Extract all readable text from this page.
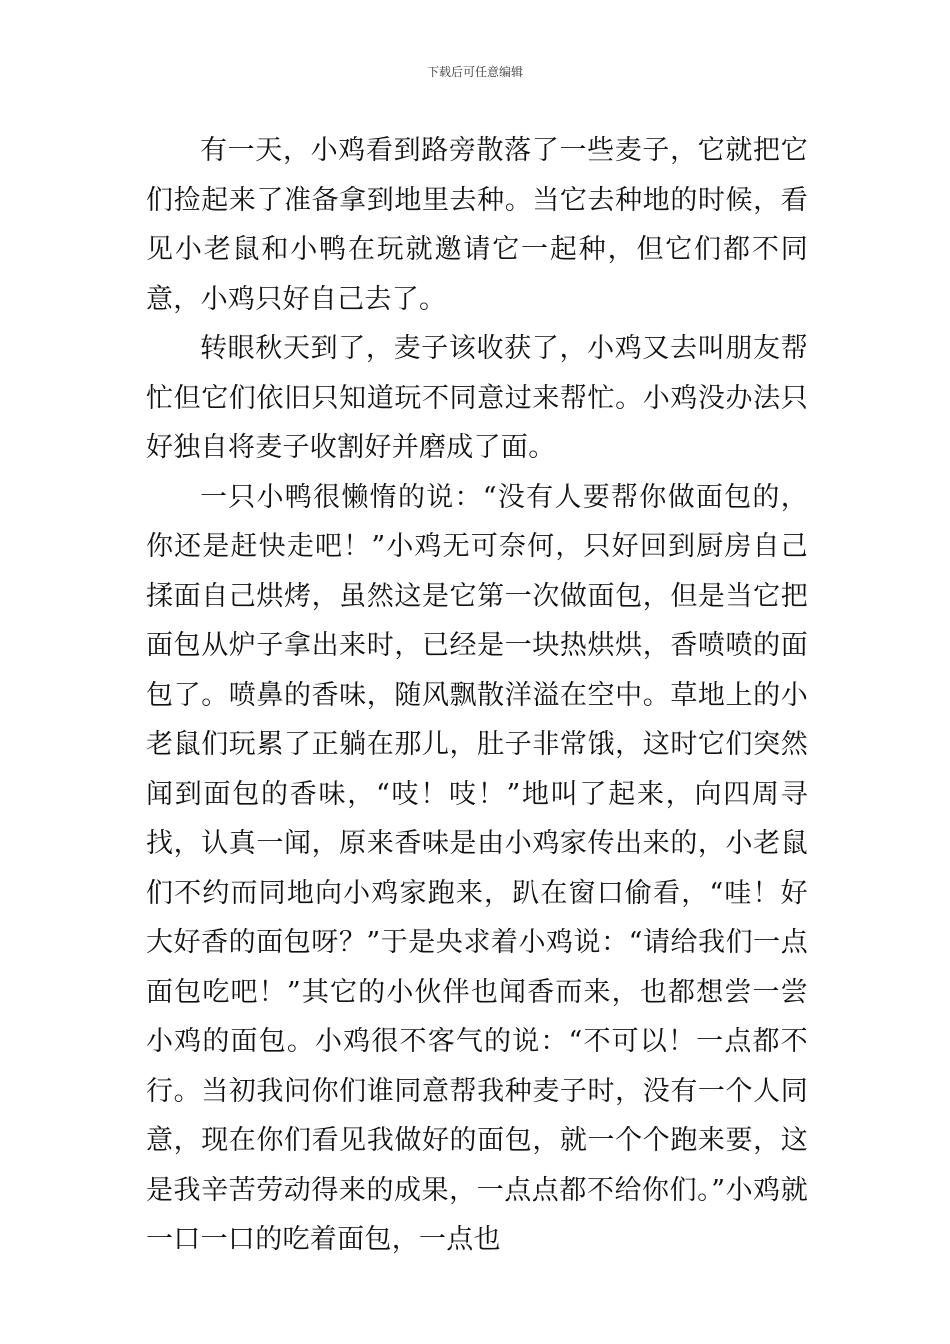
下载后可任意编辑

有一天，小鸡看到路旁散落了一些麦子，它就把它们捡起来了准备拿到地里去种。当它去种地的时候，看见小老鼠和小鸭在玩就邀请它一起种，但它们都不同意，小鸡只好自己去了。

转眼秋天到了，麦子该收获了，小鸡又去叫朋友帮忙但它们依旧只知道玩不同意过来帮忙。小鸡没办法只好独自将麦子收割好并磨成了面。

一只小鸭很懒惰的说：“没有人要帮你做面包的，你还是赶快走吧！”小鸡无可奈何，只好回到厨房自己揉面自己烘烤，虽然这是它第一次做面包，但是当它把面包从炉子拿出来时，已经是一块热烘烘，香喷喷的面包了。喷鼻的香味，随风飘散洋溢在空中。草地上的小老鼠们玩累了正躺在那儿，肚子非常饿，这时它们突然闻到面包的香味，“吱！吱！”地叫了起来，向四周寻找，认真一闻，原来香味是由小鸡家传出来的，小老鼠们不约而同地向小鸡家跑来，趴在窗口偷看，“哇！好大好香的面包呀？”于是央求着小鸡说：“请给我们一点面包吃吧！”其它的小伙伴也闻香而来，也都想尝一尝小鸡的面包。小鸡很不客气的说：“不可以！一点都不行。当初我问你们谁同意帮我种麦子时，没有一个人同意，现在你们看见我做好的面包，就一个个跑来要，这是我辛苦劳动得来的成果，一点点都不给你们。”小鸡就一口一口的吃着面包，一点也
